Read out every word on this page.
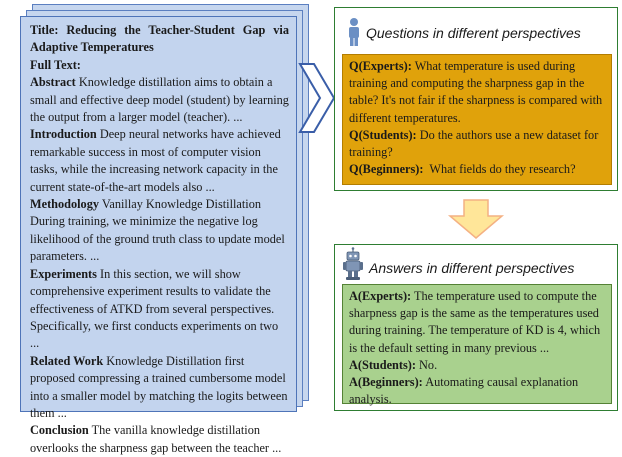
Title: Reducing the Teacher-Student Gap via

Adaptive Temperatures

Full Text:

Abstract Knowledge distillation aims to obtain a small and effective deep model (student) by learning the output from a larger model (teacher). ...

Introduction Deep neural networks have achieved remarkable success in most of computer vision tasks, while the increasing network capacity in the current state-of-the-art models also ...

Methodology Vanillay Knowledge Distillation During training, we minimize the negative log likelihood of the ground truth class to update model parameters. ...

Experiments In this section, we will show comprehensive experiment results to validate the effectiveness of ATKD from several perspectives. Specifically, we first conducts experiments on two ...

Related Work Knowledge Distillation first proposed compressing a trained cumbersome model into a smaller model by matching the logits between them ...

Conclusion The vanilla knowledge distillation overlooks the sharpness gap between the teacher ...

Questions in different perspectives

Q(Experts): What temperature is used during training and computing the sharpness gap in the table? It's not fair if the sharpness is compared with different temperatures.

Q(Students): Do the authors use a new dataset for training?

Q(Beginners): What fields do they research?

Answers in different perspectives

A(Experts): The temperature used to compute the sharpness gap is the same as the temperatures used during training. The temperature of KD is 4, which is the default setting in many previous ...

A(Students): No.

A(Beginners): Automating causal explanation analysis.
